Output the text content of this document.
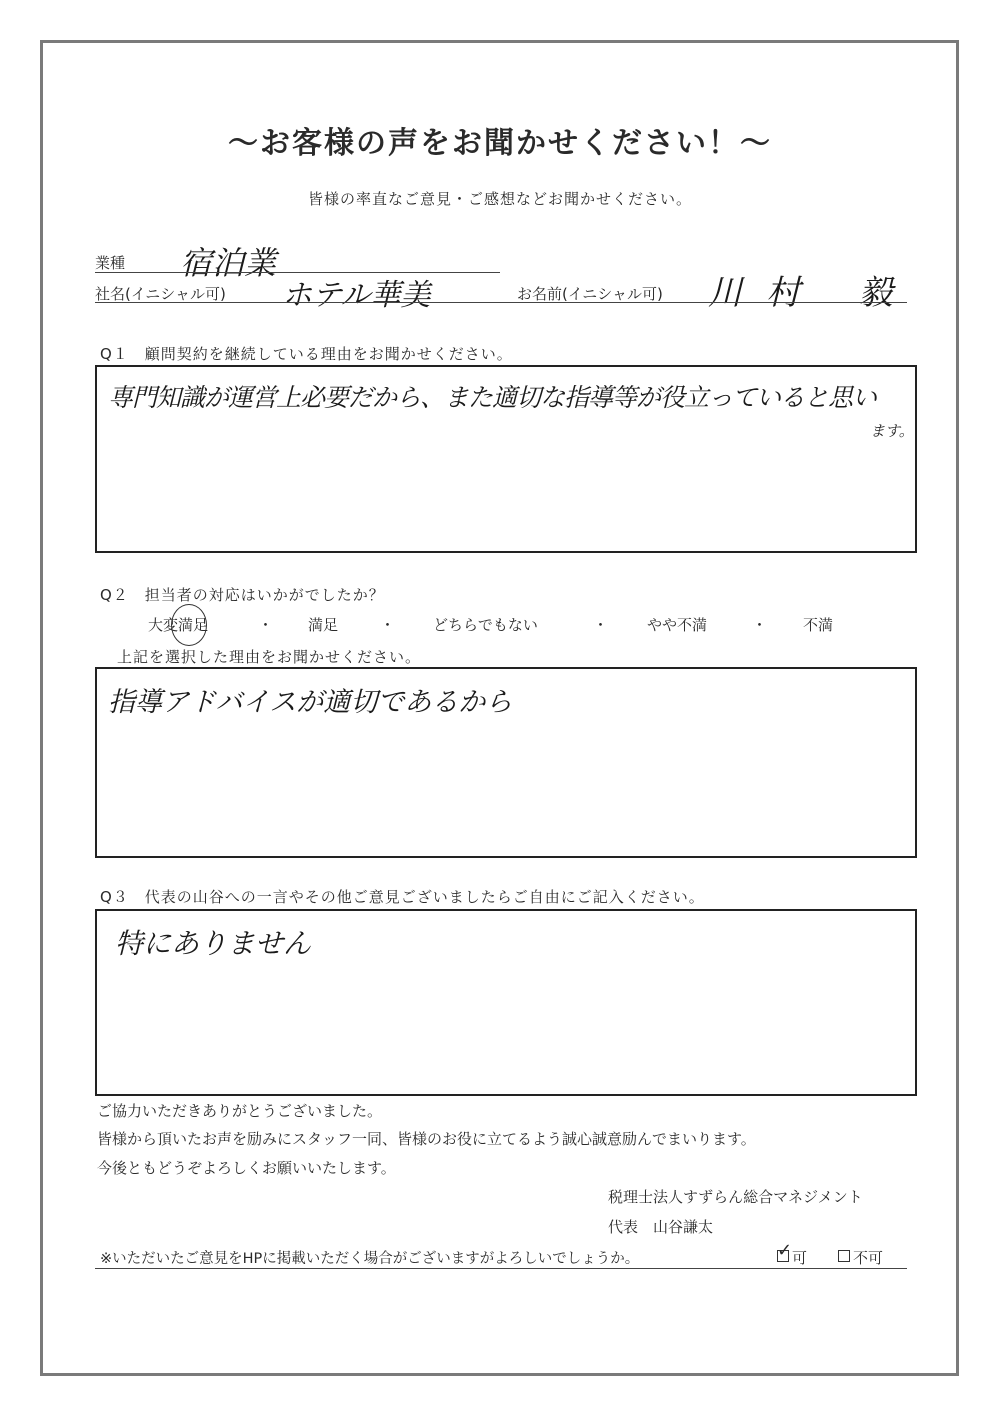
～お客様の声をお聞かせください！～
皆様の率直なご意見・ご感想などお聞かせください。
業種 宿泊業
社名(イニシャル可) ホテル華美	お名前(イニシャル可) 川村 毅
Q１　顧問契約を継続している理由をお聞かせください。
専門知識が運営上必要だから、また適切な指導等が役立っていると思い
ます。
Q２　担当者の対応はいかがでしたか？
大変満足	・ 満足	・	どちらでもない	・	やや不満	・ 不満
上記を選択した理由をお聞かせください。
指導アドバイスが適切であるから
Q３　代表の山谷への一言やその他ご意見ございましたらご自由にご記入ください。
特にありません
ご協力いただきありがとうございました。
皆様から頂いたお声を励みにスタッフ一同、皆様のお役に立てるよう誠心誠意励んでまいります。
今後ともどうぞよろしくお願いいたします。
税理士法人すずらん総合マネジメント
代表　山谷謙太
※いただいたご意見をHPに掲載いただく場合がございますがよろしいでしょうか。	✓ 可	不可
